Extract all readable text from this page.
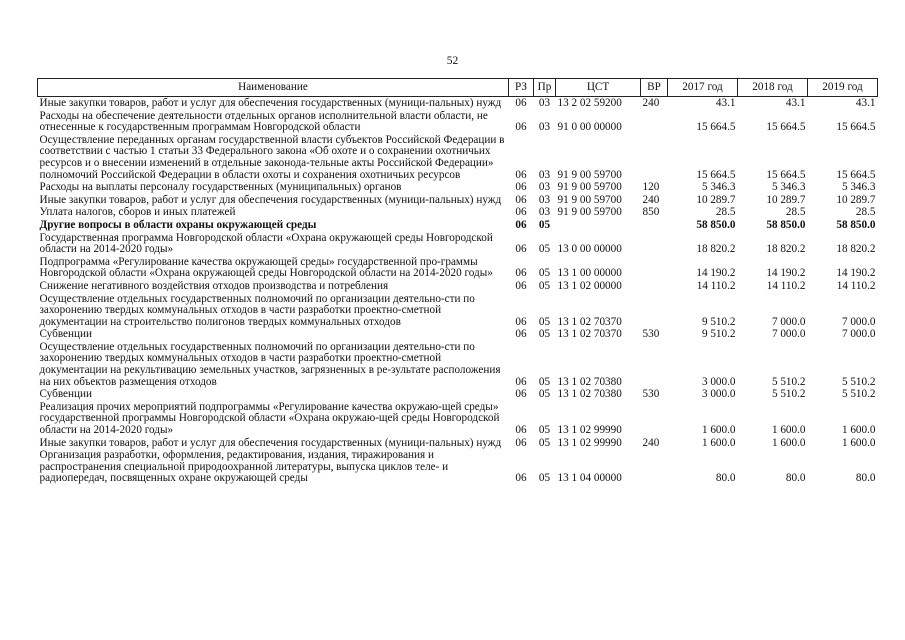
52
Наименование	РЗ	Пр	ЦСТ	ВР	2017 год	2018 год	2019 год
Иные закупки товаров, работ и услуг для обеспечения государственных (муници-пальных) нужд	06	03	13 2 02 59200	240	43.1	43.1	43.1
Расходы на обеспечение деятельности отдельных органов исполнительной власти области, не отнесенные к государственным программам Новгородской области	06	03	91 0 00 00000		15 664.5	15 664.5	15 664.5
Осуществление переданных органам государственной власти субъектов Российской Федерации в соответствии с частью 1 статьи 33 Федерального закона «Об охоте и о сохранении охотничьих ресурсов и о внесении изменений в отдельные законода-тельные акты Российской Федерации» полномочий Российской Федерации в области охоты и сохранения охотничьих ресурсов	06	03	91 9 00 59700		15 664.5	15 664.5	15 664.5
Расходы на выплаты персоналу государственных (муниципальных) органов	06	03	91 9 00 59700	120	5 346.3	5 346.3	5 346.3
Иные закупки товаров, работ и услуг для обеспечения государственных (муници-пальных) нужд	06	03	91 9 00 59700	240	10 289.7	10 289.7	10 289.7
Уплата налогов, сборов и иных платежей	06	03	91 9 00 59700	850	28.5	28.5	28.5
Другие вопросы в области охраны окружающей среды	06	05			58 850.0	58 850.0	58 850.0
Государственная программа Новгородской области «Охрана окружающей среды Новгородской области на 2014-2020 годы»	06	05	13 0 00 00000		18 820.2	18 820.2	18 820.2
Подпрограмма «Регулирование качества окружающей среды» государственной про-граммы Новгородской области «Охрана окружающей среды Новгородской области на 2014-2020 годы»	06	05	13 1 00 00000		14 190.2	14 190.2	14 190.2
Снижение негативного воздействия отходов производства и потребления	06	05	13 1 02 00000		14 110.2	14 110.2	14 110.2
Осуществление отдельных государственных полномочий по организации деятельно-сти по захоронению твердых коммунальных отходов в части разработки проектно-сметной документации на строительство полигонов твердых коммунальных отходов	06	05	13 1 02 70370		9 510.2	7 000.0	7 000.0
Субвенции	06	05	13 1 02 70370	530	9 510.2	7 000.0	7 000.0
Осуществление отдельных государственных полномочий по организации деятельно-сти по захоронению твердых коммунальных отходов в части разработки проектно-сметной документации на рекультивацию земельных участков, загрязненных в ре-зультате расположения на них объектов размещения отходов	06	05	13 1 02 70380		3 000.0	5 510.2	5 510.2
Субвенции	06	05	13 1 02 70380	530	3 000.0	5 510.2	5 510.2
Реализация прочих мероприятий подпрограммы «Регулирование качества окружаю-щей среды» государственной программы Новгородской области «Охрана окружаю-щей среды Новгородской области на 2014-2020 годы»	06	05	13 1 02 99990		1 600.0	1 600.0	1 600.0
Иные закупки товаров, работ и услуг для обеспечения государственных (муници-пальных) нужд	06	05	13 1 02 99990	240	1 600.0	1 600.0	1 600.0
Организация разработки, оформления, редактирования, издания, тиражирования и распространения специальной природоохранной литературы, выпуска циклов теле- и радиопередач, посвященных охране окружающей среды	06	05	13 1 04 00000		80.0	80.0	80.0
